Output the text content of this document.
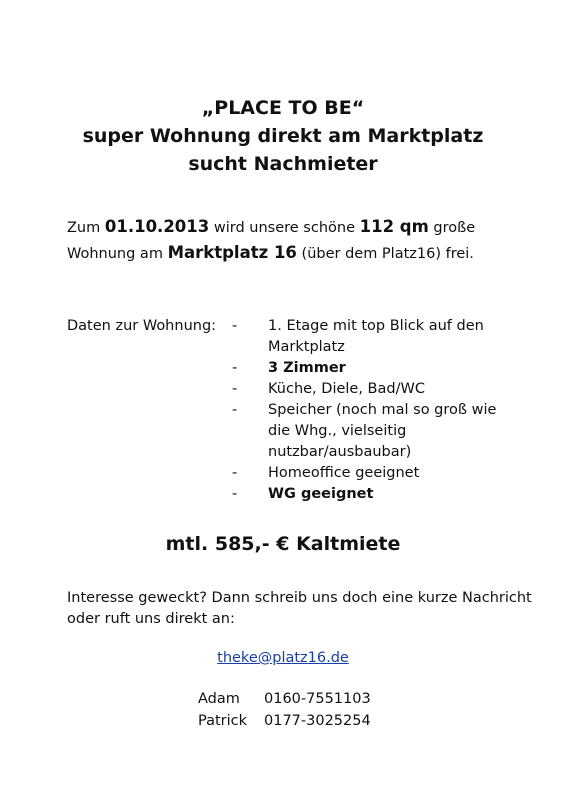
„PLACE TO BE“
super Wohnung direkt am Marktplatz
sucht Nachmieter
Zum 01.10.2013 wird unsere schöne 112 qm große
Wohnung am Marktplatz 16 (über dem Platz16) frei.
Daten zur Wohnung: -	1. Etage mit top Blick auf den Marktplatz
-	3 Zimmer
-	Küche, Diele, Bad/WC
-	Speicher (noch mal so groß wie die Whg., vielseitig nutzbar/ausbaubar)
-	Homeoffice geeignet
-	WG geeignet
mtl. 585,- € Kaltmiete
Interesse geweckt? Dann schreib uns doch eine kurze Nachricht oder ruft uns direkt an:
theke@platz16.de
Adam	0160-7551103
Patrick	0177-3025254
